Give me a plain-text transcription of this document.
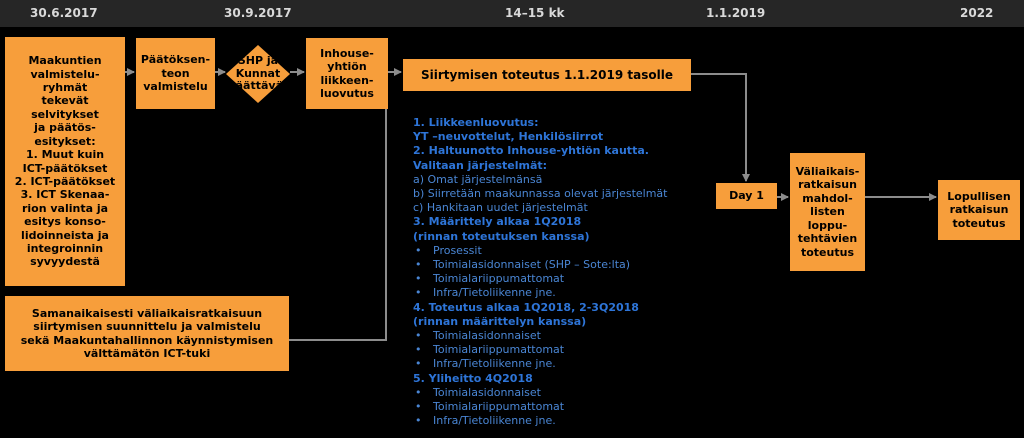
30.6.2017	30.9.2017	14–15 kk	1.1.2019	2022
Maakuntien
valmistelu-
ryhmät
tekevät
selvitykset
ja päätös-
esitykset:
1. Muut kuin
ICT-päätökset
2. ICT-päätökset
3. ICT Skenaa-
rion valinta ja
esitys konso-
lidoinneista ja
integroinnin
syvyydestä
Päätöksen-
teon
valmistelu
SHP ja
Kunnat
päättävät
Inhouse-
yhtiön
liikkeen-
luovutus
Siirtymisen toteutus 1.1.2019 tasolle
Samanaikaisesti väliaikaisratkaisuun
siirtymisen suunnittelu ja valmistelu
sekä Maakuntahallinnon käynnistymisen
välttämätön ICT-tuki
Day 1
Väliaikais-
ratkaisun
mahdol-
listen
loppu-
tehtävien
toteutus
Lopullisen
ratkaisun
toteutus
1. Liikkeenluovutus:
YT –neuvottelut, Henkilösiirrot
2. Haltuunotto Inhouse-yhtiön kautta.
Valitaan järjestelmät:
a) Omat järjestelmänsä
b) Siirretään maakunnassa olevat järjestelmät
c) Hankitaan uudet järjestelmät
3. Määrittely alkaa 1Q2018
(rinnan toteutuksen kanssa)
• Prosessit
• Toimialasidonnaiset (SHP – Sote:lta)
• Toimialariippumattomat
• Infra/Tietoliikenne jne.
4. Toteutus alkaa 1Q2018, 2-3Q2018
(rinnan määrittelyn kanssa)
• Toimialasidonnaiset
• Toimialariippumattomat
• Infra/Tietoliikenne jne.
5. Yliheitto 4Q2018
• Toimialasidonnaiset
• Toimialariippumattomat
• Infra/Tietoliikenne jne.
